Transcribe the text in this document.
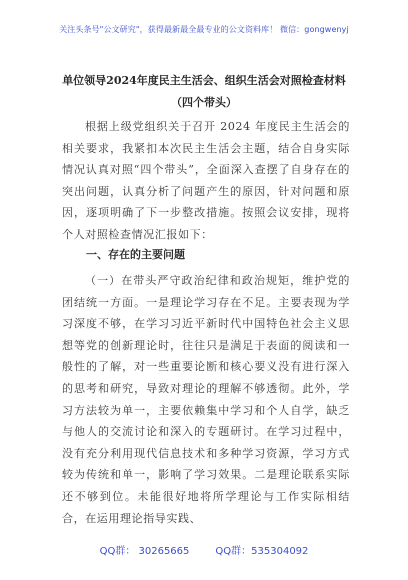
关注头条号"公文研究"，获得最新最全最专业的公文资料库！ 微信：gongwenyj
单位领导2024年度民主生活会、组织生活会对照检查材料
（四个带头）
根据上级党组织关于召开 2024 年度民主生活会的相关要求，我紧扣本次民主生活会主题，结合自身实际情况认真对照“四个带头”，全面深入查摆了自身存在的突出问题，认真分析了问题产生的原因，针对问题和原因，逐项明确了下一步整改措施。按照会议安排，现将个人对照检查情况汇报如下：
一、存在的主要问题
（一）在带头严守政治纪律和政治规矩，维护党的团结统一方面。一是理论学习存在不足。主要表现为学习深度不够，在学习习近平新时代中国特色社会主义思想等党的创新理论时，往往只是满足于表面的阅读和一般性的了解，对一些重要论断和核心要义没有进行深入的思考和研究，导致对理论的理解不够透彻。此外，学习方法较为单一，主要依赖集中学习和个人自学，缺乏与他人的交流讨论和深入的专题研讨。在学习过程中，没有充分利用现代信息技术和多种学习资源，学习方式较为传统和单一，影响了学习效果。二是理论联系实际还不够到位。未能很好地将所学理论与工作实际相结合，在运用理论指导实践、
QQ群： 30265665	QQ群：535304092
